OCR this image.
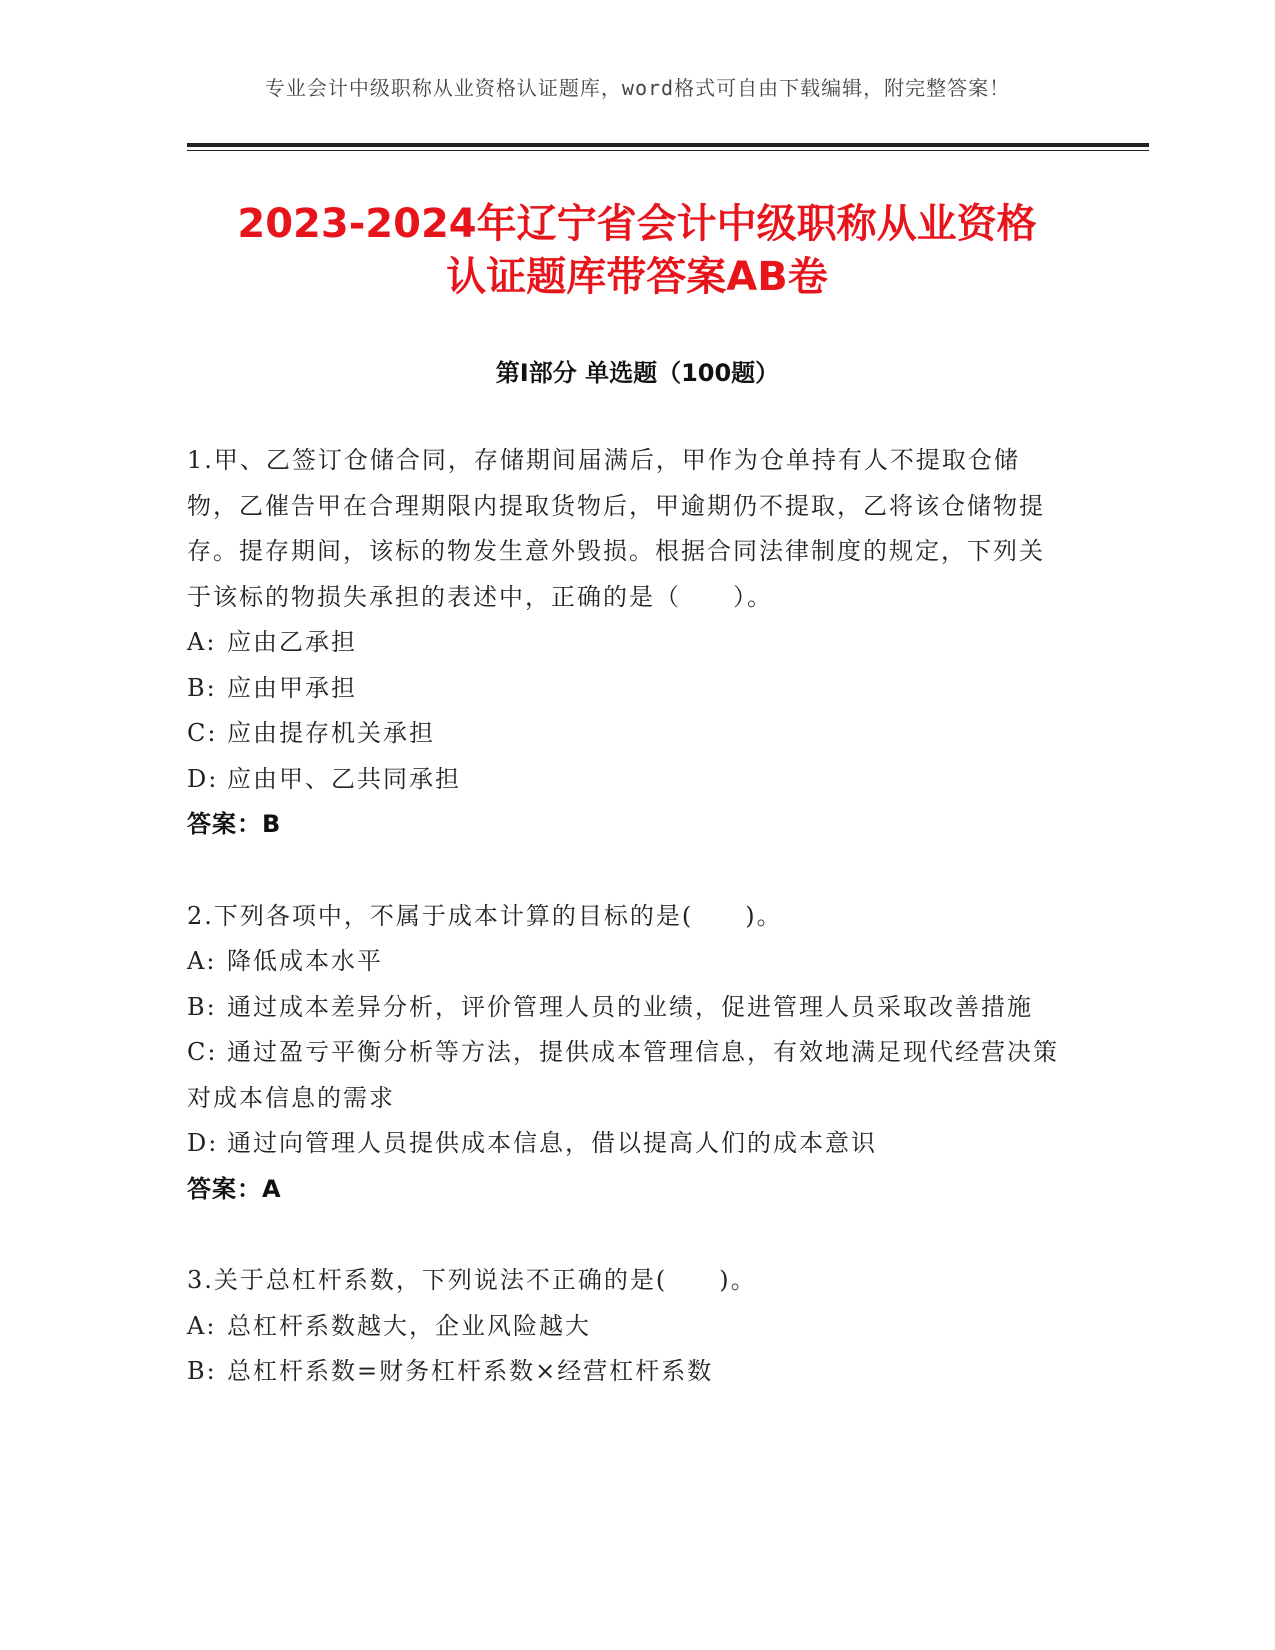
专业会计中级职称从业资格认证题库，word格式可自由下载编辑，附完整答案！
2023-2024年辽宁省会计中级职称从业资格
认证题库带答案AB卷
第Ⅰ部分 单选题（100题）

1.甲、乙签订仓储合同，存储期间届满后，甲作为仓单持有人不提取仓储物，乙催告甲在合理期限内提取货物后，甲逾期仍不提取，乙将该仓储物提存。提存期间，该标的物发生意外毁损。根据合同法律制度的规定，下列关于该标的物损失承担的表述中，正确的是（　　）。

A: 应由乙承担

B: 应由甲承担

C: 应由提存机关承担

D: 应由甲、乙共同承担

答案：B

2.下列各项中，不属于成本计算的目标的是(　　)。

A: 降低成本水平

B: 通过成本差异分析，评价管理人员的业绩，促进管理人员采取改善措施

C: 通过盈亏平衡分析等方法，提供成本管理信息，有效地满足现代经营决策对成本信息的需求

D: 通过向管理人员提供成本信息，借以提高人们的成本意识

答案：A

3.关于总杠杆系数，下列说法不正确的是(　　)。

A: 总杠杆系数越大，企业风险越大

B: 总杠杆系数=财务杠杆系数×经营杠杆系数
